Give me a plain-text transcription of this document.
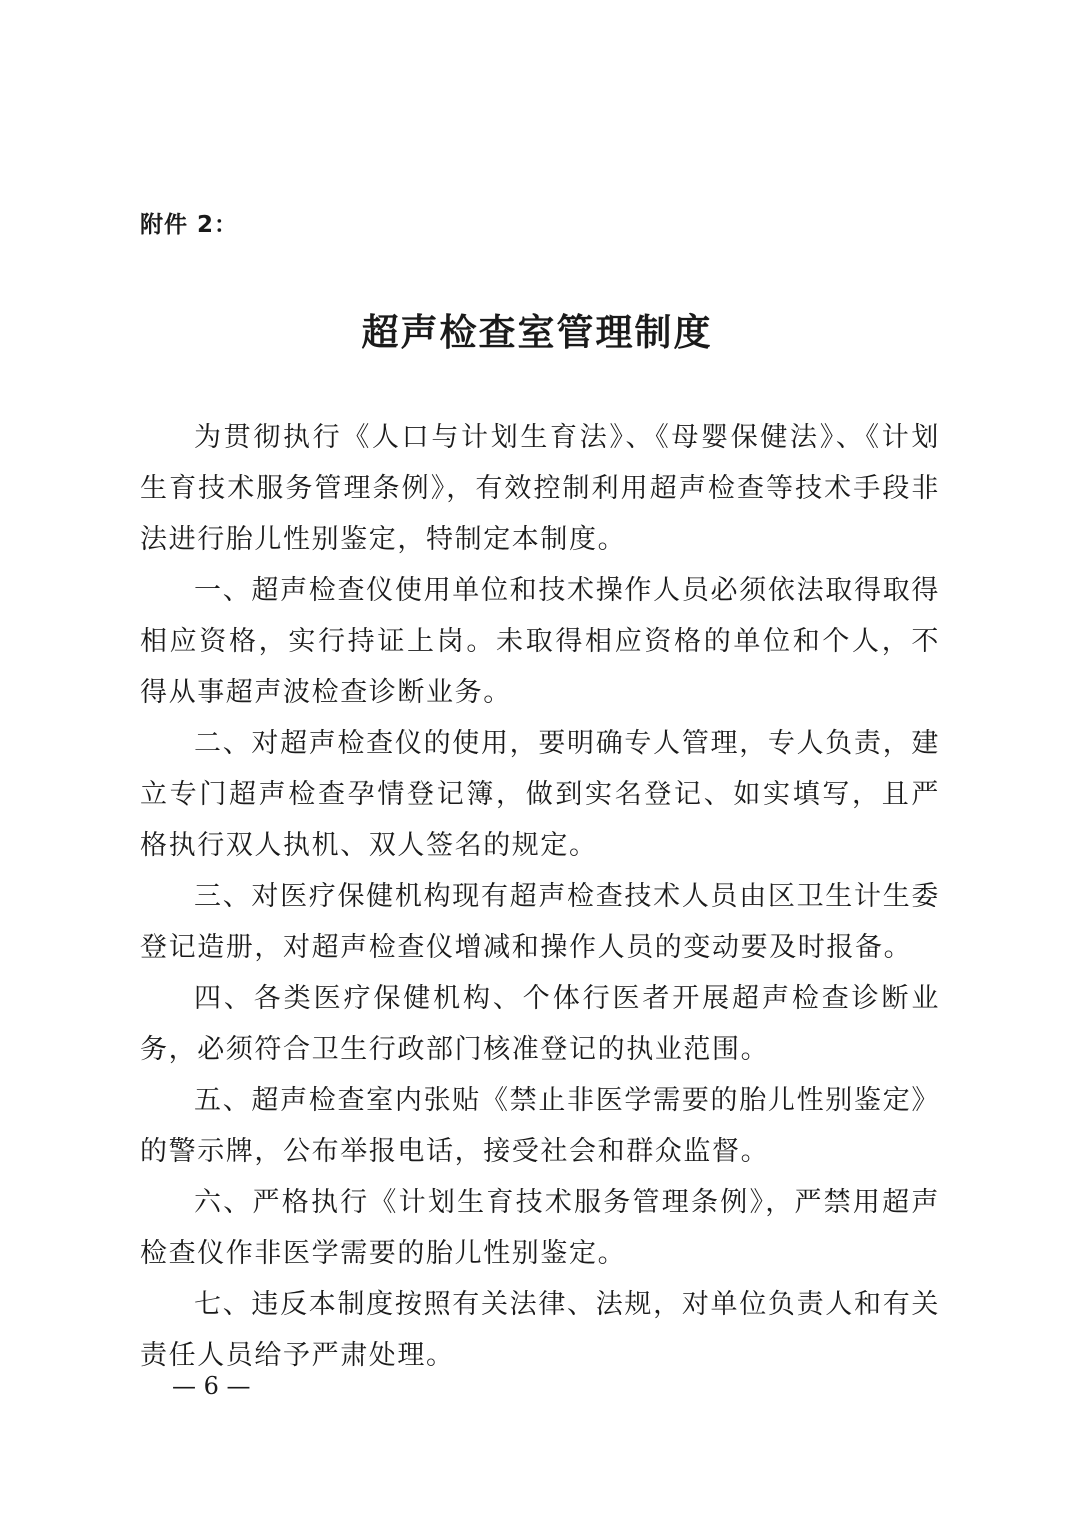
附件 2：
超声检查室管理制度

为贯彻执行《人口与计划生育法》、《母婴保健法》、《计划生育技术服务管理条例》，有效控制利用超声检查等技术手段非法进行胎儿性别鉴定，特制定本制度。

一、超声检查仪使用单位和技术操作人员必须依法取得取得相应资格，实行持证上岗。未取得相应资格的单位和个人，不得从事超声波检查诊断业务。

二、对超声检查仪的使用，要明确专人管理，专人负责，建立专门超声检查孕情登记簿，做到实名登记、如实填写，且严格执行双人执机、双人签名的规定。

三、对医疗保健机构现有超声检查技术人员由区卫生计生委登记造册，对超声检查仪增减和操作人员的变动要及时报备。

四、各类医疗保健机构、个体行医者开展超声检查诊断业务，必须符合卫生行政部门核准登记的执业范围。

五、超声检查室内张贴《禁止非医学需要的胎儿性别鉴定》的警示牌，公布举报电话，接受社会和群众监督。

六、严格执行《计划生育技术服务管理条例》，严禁用超声检查仪作非医学需要的胎儿性别鉴定。

七、违反本制度按照有关法律、法规，对单位负责人和有关责任人员给予严肃处理。

— 6 —
